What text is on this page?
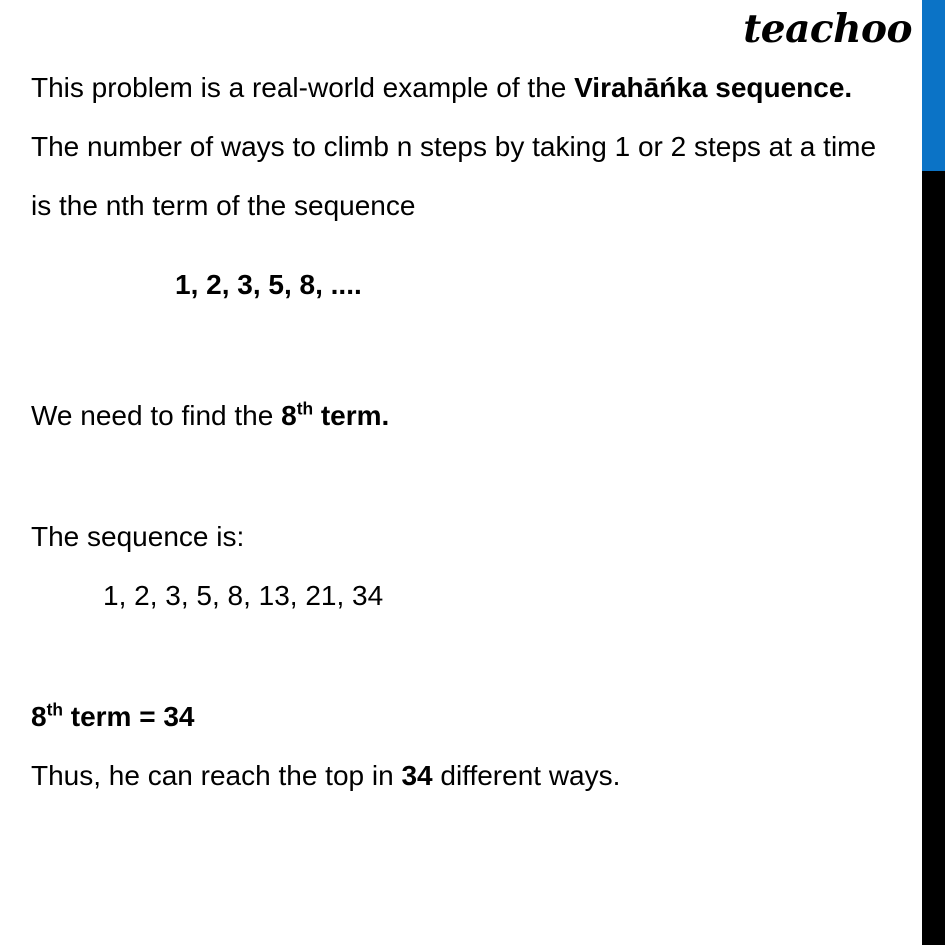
teachoo
This problem is a real-world example of the Virahāńka sequence.
The number of ways to climb n steps by taking 1 or 2 steps at a time
is the nth term of the sequence
1, 2, 3, 5, 8, ....
We need to find the 8th term.
The sequence is:
1, 2, 3, 5, 8, 13, 21, 34
8th term = 34
Thus, he can reach the top in 34 different ways.
